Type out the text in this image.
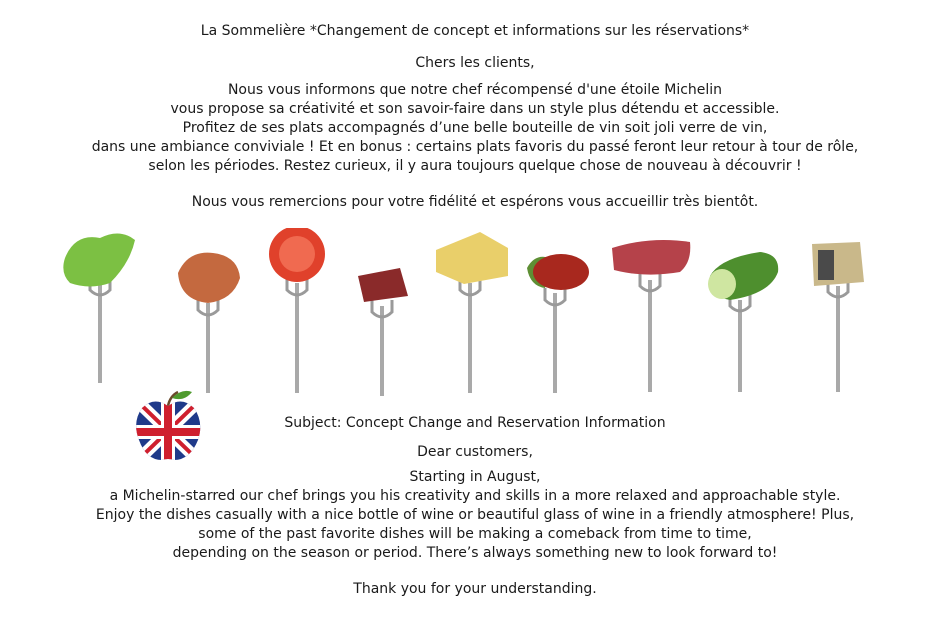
La Sommelière *Changement de concept et informations sur les réservations*
Chers les clients,
Nous vous informons que notre chef récompensé d'une étoile Michelin
vous propose sa créativité et son savoir-faire dans un style plus détendu et accessible.
Profitez de ses plats accompagnés d’une belle bouteille de vin soit joli verre de vin,
dans une ambiance conviviale ! Et en bonus : certains plats favoris du passé feront leur retour à tour de rôle,
selon les périodes. Restez curieux, il y aura toujours quelque chose de nouveau à découvrir !
Nous vous remercions pour votre fidélité et espérons vous accueillir très bientôt.
Subject: Concept Change and Reservation Information
Dear customers,
Starting in August,
a Michelin-starred our chef brings you his creativity and skills in a more relaxed and approachable style.
Enjoy the dishes casually with a nice bottle of wine or beautiful glass of wine in a friendly atmosphere! Plus,
some of the past favorite dishes will be making a comeback from time to time,
depending on the season or period. There’s always something new to look forward to!
Thank you for your understanding.
